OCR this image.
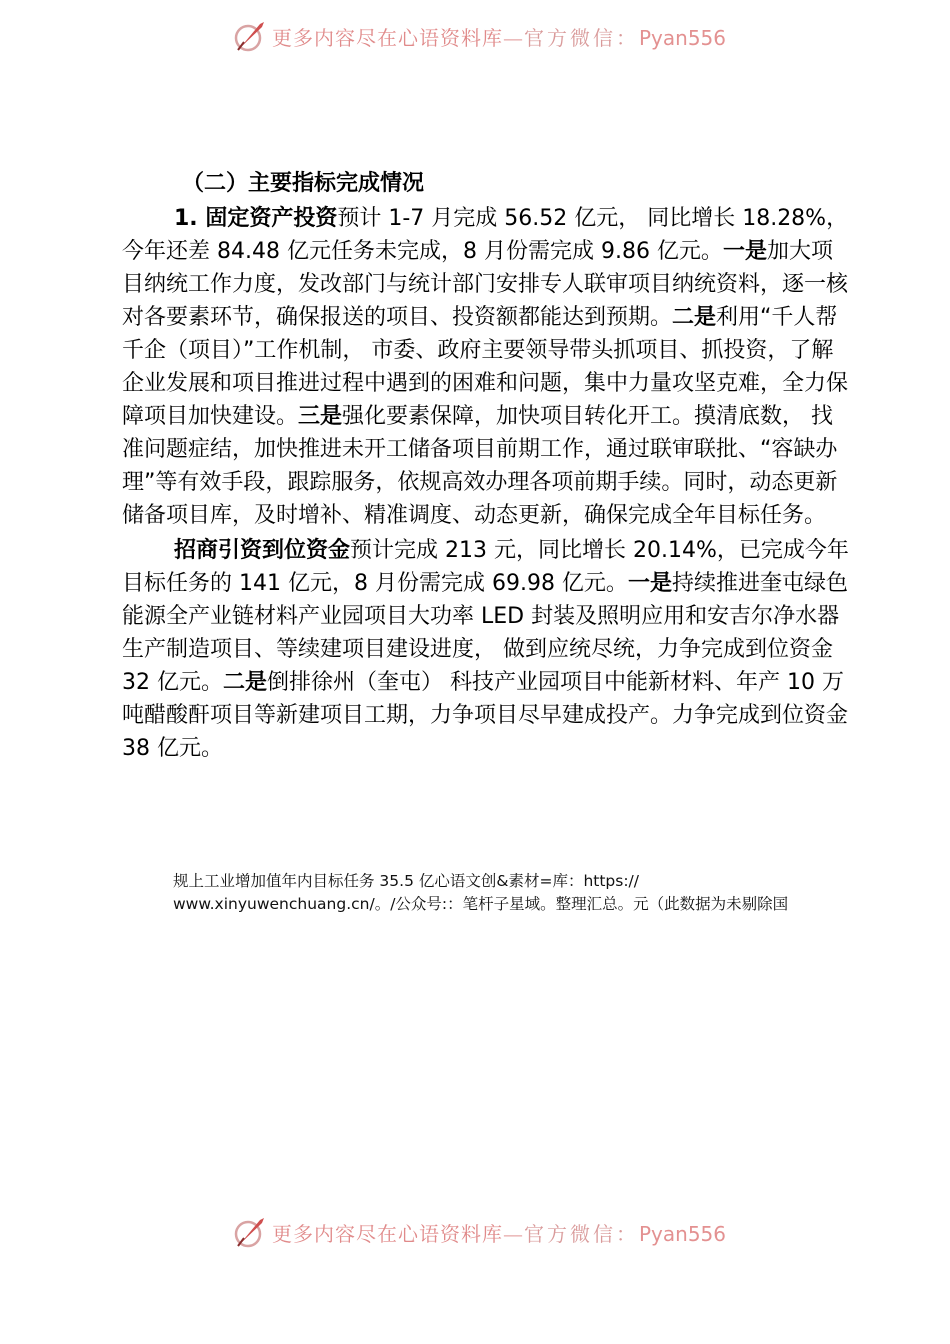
更多内容尽在心语资料库—官方微信：Pyan556
（二）主要指标完成情况

1. 固定资产投资预计 1-7 月完成 56.52 亿元， 同比增长 18.28%，今年还差 84.48 亿元任务未完成，8 月份需完成 9.86 亿元。一是加大项目纳统工作力度，发改部门与统计部门安排专人联审项目纳统资料，逐一核对各要素环节，确保报送的项目、投资额都能达到预期。二是利用“千人帮千企（项目）”工作机制， 市委、政府主要领导带头抓项目、抓投资，了解企业发展和项目推进过程中遇到的困难和问题，集中力量攻坚克难，全力保障项目加快建设。三是强化要素保障，加快项目转化开工。摸清底数， 找准问题症结，加快推进未开工储备项目前期工作，通过联审联批、“容缺办理”等有效手段，跟踪服务，依规高效办理各项前期手续。同时，动态更新储备项目库，及时增补、精准调度、动态更新，确保完成全年目标任务。

招商引资到位资金预计完成 213 元，同比增长 20.14%，已完成今年目标任务的 141 亿元，8 月份需完成 69.98 亿元。一是持续推进奎屯绿色能源全产业链材料产业园项目大功率 LED 封装及照明应用和安吉尔净水器生产制造项目、等续建项目建设进度， 做到应统尽统，力争完成到位资金 32 亿元。二是倒排徐州（奎屯） 科技产业园项目中能新材料、年产 10 万吨醋酸酐项目等新建项目工期，力争项目尽早建成投产。力争完成到位资金 38 亿元。

规上工业增加值年内目标任务 35.5 亿心语文创&素材=库：https:// www.xinyuwenchuang.cn/。/公众号:：笔杆子星域。整理汇总。元（此数据为未剔除国
更多内容尽在心语资料库—官方微信：Pyan556
